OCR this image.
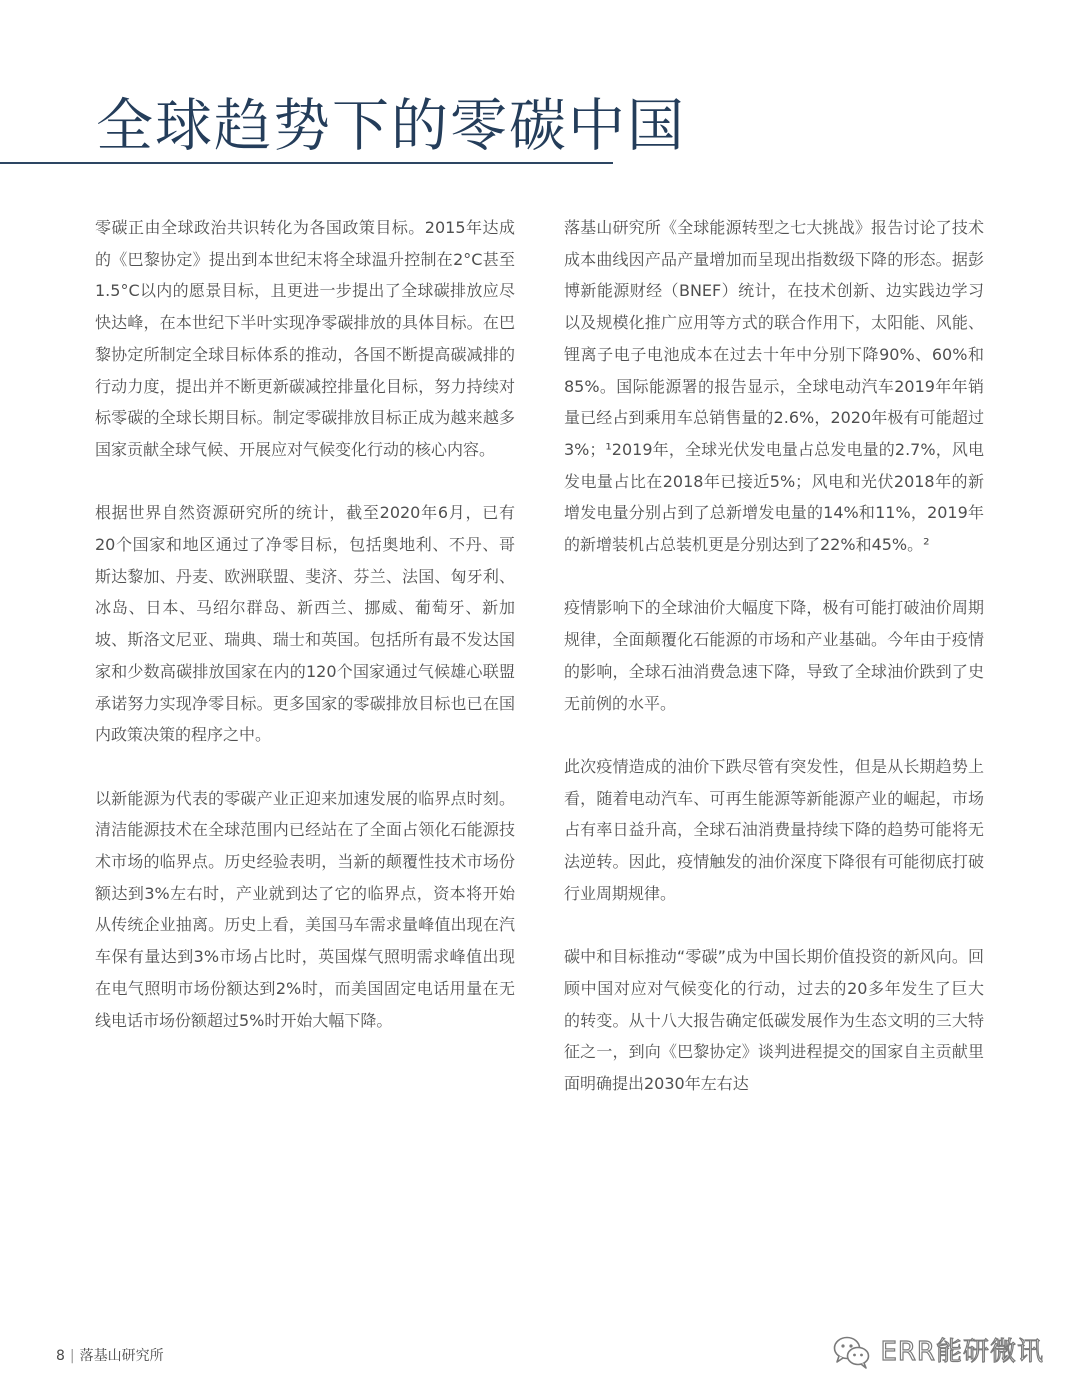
全球趋势下的零碳中国

零碳正由全球政治共识转化为各国政策目标。2015年达成的《巴黎协定》提出到本世纪末将全球温升控制在2°C甚至1.5°C以内的愿景目标，且更进一步提出了全球碳排放应尽快达峰，在本世纪下半叶实现净零碳排放的具体目标。在巴黎协定所制定全球目标体系的推动，各国不断提高碳减排的行动力度，提出并不断更新碳减控排量化目标，努力持续对标零碳的全球长期目标。制定零碳排放目标正成为越来越多国家贡献全球气候、开展应对气候变化行动的核心内容。

根据世界自然资源研究所的统计，截至2020年6月，已有20个国家和地区通过了净零目标，包括奥地利、不丹、哥斯达黎加、丹麦、欧洲联盟、斐济、芬兰、法国、匈牙利、冰岛、日本、马绍尔群岛、新西兰、挪威、葡萄牙、新加坡、斯洛文尼亚、瑞典、瑞士和英国。包括所有最不发达国家和少数高碳排放国家在内的120个国家通过气候雄心联盟承诺努力实现净零目标。更多国家的零碳排放目标也已在国内政策决策的程序之中。

以新能源为代表的零碳产业正迎来加速发展的临界点时刻。清洁能源技术在全球范围内已经站在了全面占领化石能源技术市场的临界点。历史经验表明，当新的颠覆性技术市场份额达到3%左右时，产业就到达了它的临界点，资本将开始从传统企业抽离。历史上看，美国马车需求量峰值出现在汽车保有量达到3%市场占比时，英国煤气照明需求峰值出现在电气照明市场份额达到2%时，而美国固定电话用量在无线电话市场份额超过5%时开始大幅下降。

落基山研究所《全球能源转型之七大挑战》报告讨论了技术成本曲线因产品产量增加而呈现出指数级下降的形态。据彭博新能源财经（BNEF）统计，在技术创新、边实践边学习以及规模化推广应用等方式的联合作用下，太阳能、风能、锂离子电子电池成本在过去十年中分别下降90%、60%和85%。国际能源署的报告显示，全球电动汽车2019年年销量已经占到乘用车总销售量的2.6%，2020年极有可能超过3%；¹2019年，全球光伏发电量占总发电量的2.7%，风电发电量占比在2018年已接近5%；风电和光伏2018年的新增发电量分别占到了总新增发电量的14%和11%，2019年的新增装机占总装机更是分别达到了22%和45%。²

疫情影响下的全球油价大幅度下降，极有可能打破油价周期规律，全面颠覆化石能源的市场和产业基础。今年由于疫情的影响，全球石油消费急速下降，导致了全球油价跌到了史无前例的水平。

此次疫情造成的油价下跌尽管有突发性，但是从长期趋势上看，随着电动汽车、可再生能源等新能源产业的崛起，市场占有率日益升高，全球石油消费量持续下降的趋势可能将无法逆转。因此，疫情触发的油价深度下降很有可能彻底打破行业周期规律。

碳中和目标推动“零碳”成为中国长期价值投资的新风向。回顾中国对应对气候变化的行动，过去的20多年发生了巨大的转变。从十八大报告确定低碳发展作为生态文明的三大特征之一，到向《巴黎协定》谈判进程提交的国家自主贡献里面明确提出2030年左右达

8 | 落基山研究所	ERR能研微讯
